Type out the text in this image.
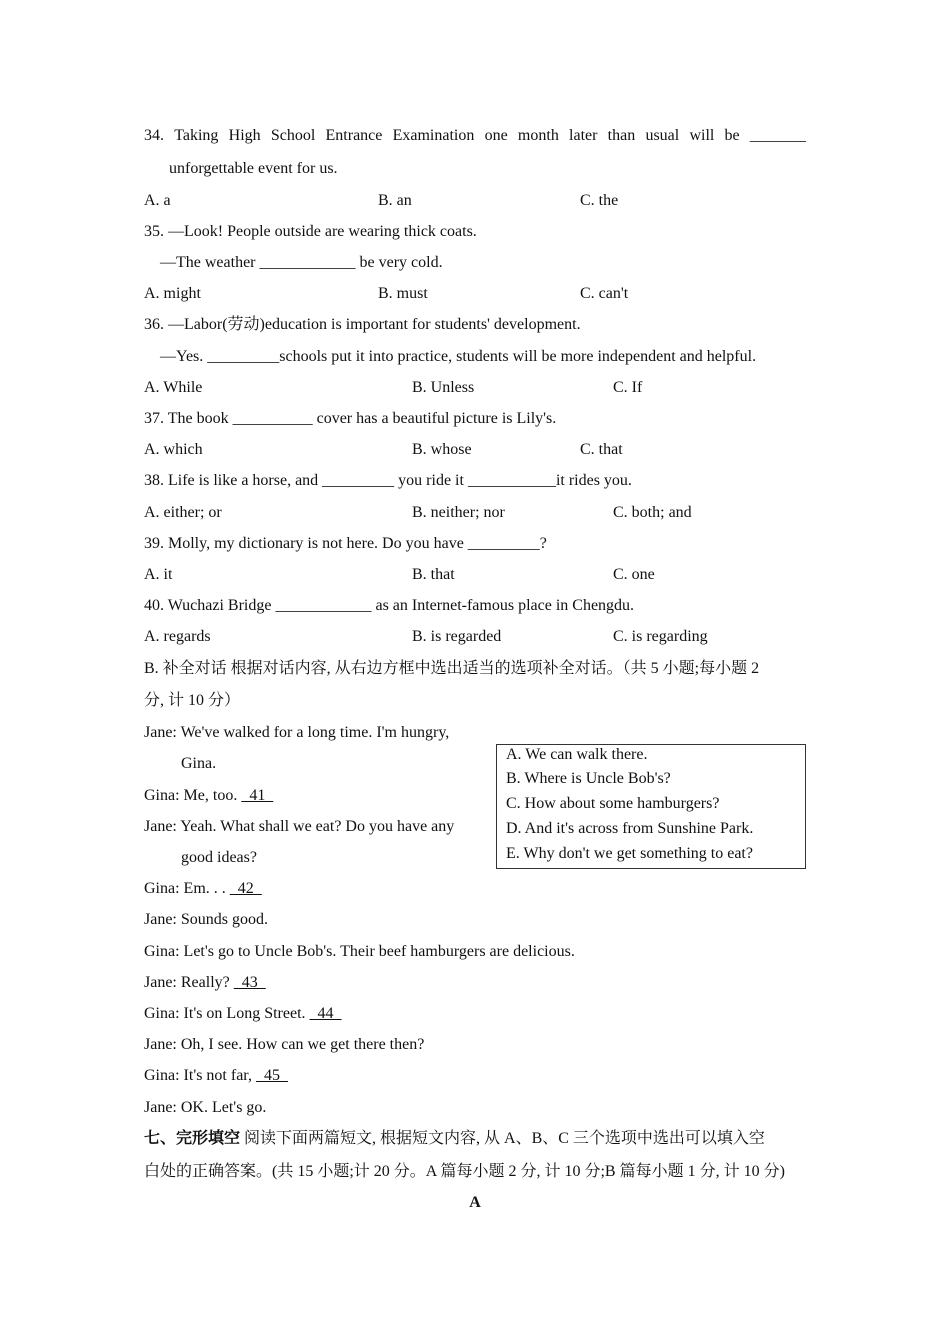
34. Taking High School Entrance Examination one month later than usual will be _______
unforgettable event for us.
A. a	B. an	C. the
35. —Look! People outside are wearing thick coats.
—The weather ____________ be very cold.
A. might	B. must	C. can't
36. —Labor(劳动)education is important for students' development.
—Yes. _________schools put it into practice, students will be more independent and helpful.
A. While	B. Unless	C. If
37. The book __________ cover has a beautiful picture is Lily's.
A. which	B. whose	C. that
38. Life is like a horse, and _________ you ride it ___________it rides you.
A. either; or	B. neither; nor	C. both; and
39. Molly, my dictionary is not here. Do you have _________?
A. it	B. that	C. one
40. Wuchazi Bridge ____________ as an Internet-famous place in Chengdu.
A. regards	B. is regarded	C. is regarding
B. 补全对话 根据对话内容, 从右边方框中选出适当的选项补全对话。（共 5 小题;每小题 2
分, 计 10 分）
Jane: We've walked for a long time. I'm hungry,
Gina.
Gina: Me, too.   41
Jane: Yeah. What shall we eat? Do you have any
good ideas?
Gina: Em. . .   42
Jane: Sounds good.
Gina: Let's go to Uncle Bob's. Their beef hamburgers are delicious.
Jane: Really?   43
Gina: It's on Long Street.   44
Jane: Oh, I see. How can we get there then?
Gina: It's not far,   45
Jane: OK. Let's go.
A. We can walk there.
B. Where is Uncle Bob's?
C. How about some hamburgers?
D. And it's across from Sunshine Park.
E. Why don't we get something to eat?
七、完形填空 阅读下面两篇短文, 根据短文内容, 从 A、B、C 三个选项中选出可以填入空
白处的正确答案。(共 15 小题;计 20 分。A 篇每小题 2 分, 计 10 分;B 篇每小题 1 分, 计 10 分)
A
